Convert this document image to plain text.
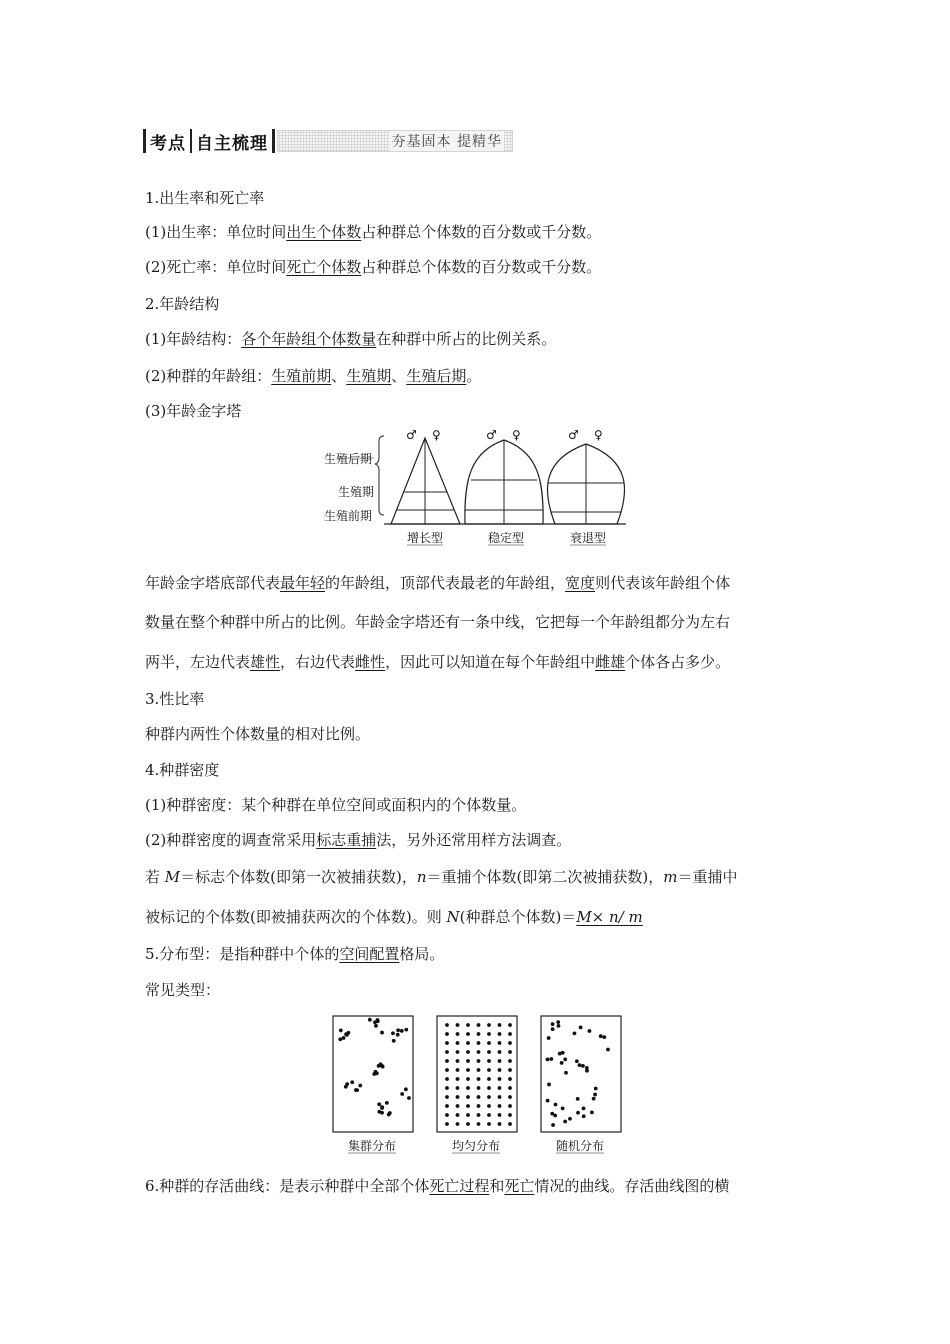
考点 自主梳理	夯基固本 提精华
1.出生率和死亡率
(1)出生率：单位时间出生个体数占种群总个体数的百分数或千分数。
(2)死亡率：单位时间死亡个体数占种群总个体数的百分数或千分数。
2.年龄结构
(1)年龄结构：各个年龄组个体数量在种群中所占的比例关系。
(2)种群的年龄组：生殖前期、生殖期、生殖后期。
(3)年龄金字塔
生殖后期
生殖期
生殖前期
♂ ♀	♂ ♀	♂ ♀
增长型	稳定型	衰退型
年龄金字塔底部代表最年轻的年龄组，顶部代表最老的年龄组，宽度则代表该年龄组个体
数量在整个种群中所占的比例。年龄金字塔还有一条中线，它把每一个年龄组都分为左右
两半，左边代表雄性，右边代表雌性，因此可以知道在每个年龄组中雌雄个体各占多少。
3.性比率
种群内两性个体数量的相对比例。
4.种群密度
(1)种群密度：某个种群在单位空间或面积内的个体数量。
(2)种群密度的调查常采用标志重捕法，另外还常用样方法调查。
若 M＝标志个体数(即第一次被捕获数)，n＝重捕个体数(即第二次被捕获数)，m＝重捕中
被标记的个体数(即被捕获两次的个体数)。则 N(种群总个体数)＝M× n/ m
5.分布型：是指种群中个体的空间配置格局。
常见类型：
集群分布	均匀分布	随机分布
6.种群的存活曲线：是表示种群中全部个体死亡过程和死亡情况的曲线。存活曲线图的横
